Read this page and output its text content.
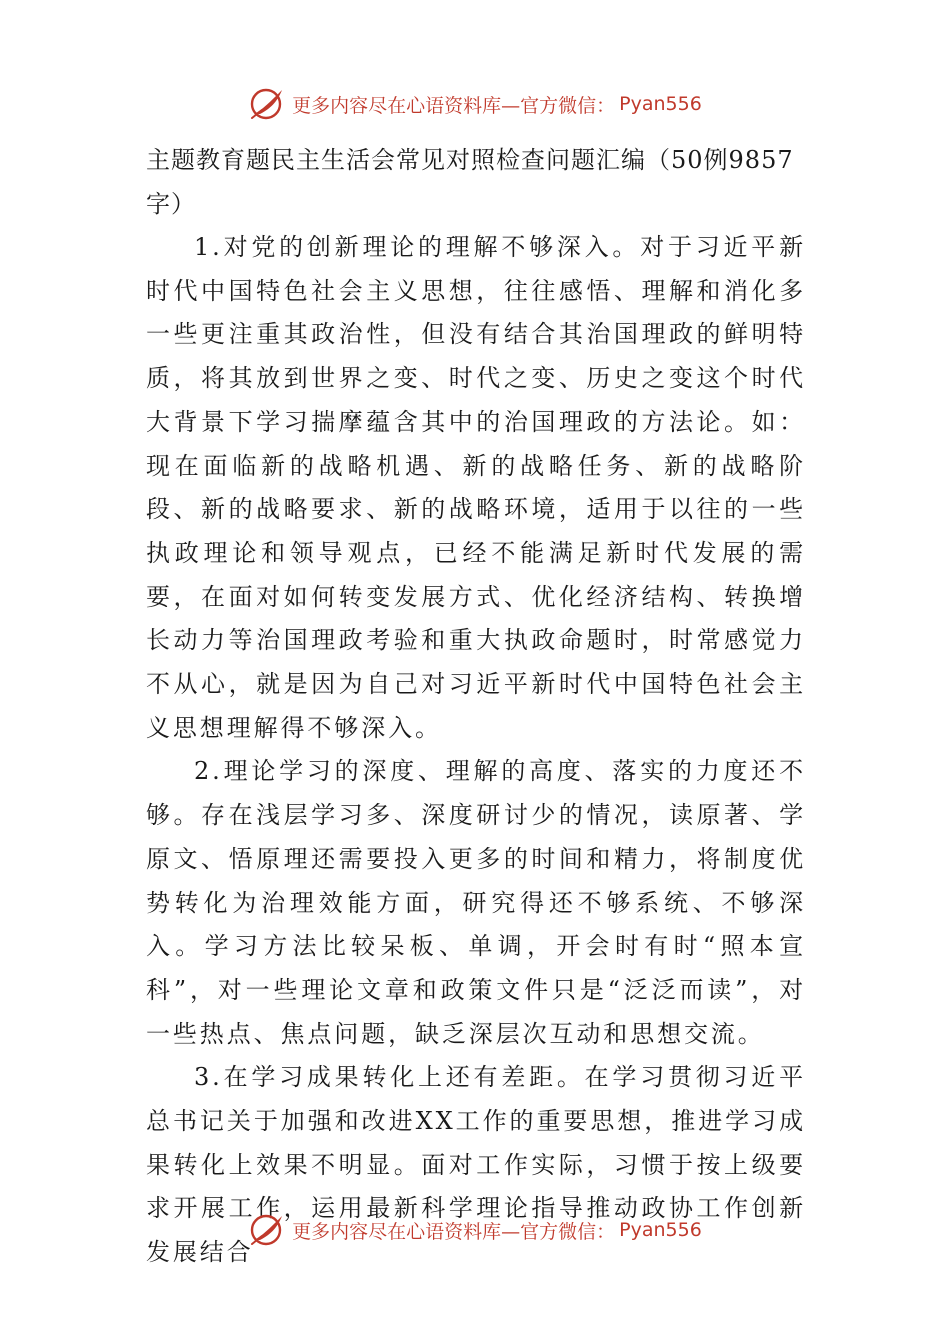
更多内容尽在心语资料库—官方微信： Pyan556

主题教育题民主生活会常见对照检查问题汇编（50例9857字）

1.对党的创新理论的理解不够深入。对于习近平新时代中国特色社会主义思想，往往感悟、理解和消化多一些更注重其政治性，但没有结合其治国理政的鲜明特质，将其放到世界之变、时代之变、历史之变这个时代大背景下学习揣摩蕴含其中的治国理政的方法论。如：现在面临新的战略机遇、新的战略任务、新的战略阶段、新的战略要求、新的战略环境，适用于以往的一些执政理论和领导观点，已经不能满足新时代发展的需要，在面对如何转变发展方式、优化经济结构、转换增长动力等治国理政考验和重大执政命题时，时常感觉力不从心，就是因为自己对习近平新时代中国特色社会主义思想理解得不够深入。

2.理论学习的深度、理解的高度、落实的力度还不够。存在浅层学习多、深度研讨少的情况，读原著、学原文、悟原理还需要投入更多的时间和精力，将制度优势转化为治理效能方面，研究得还不够系统、不够深入。学习方法比较呆板、单调，开会时有时“照本宣科”，对一些理论文章和政策文件只是“泛泛而读”，对一些热点、焦点问题，缺乏深层次互动和思想交流。

3.在学习成果转化上还有差距。在学习贯彻习近平总书记关于加强和改进XX工作的重要思想，推进学习成果转化上效果不明显。面对工作实际，习惯于按上级要求开展工作，运用最新科学理论指导推动政协工作创新发展结合

更多内容尽在心语资料库—官方微信： Pyan556
